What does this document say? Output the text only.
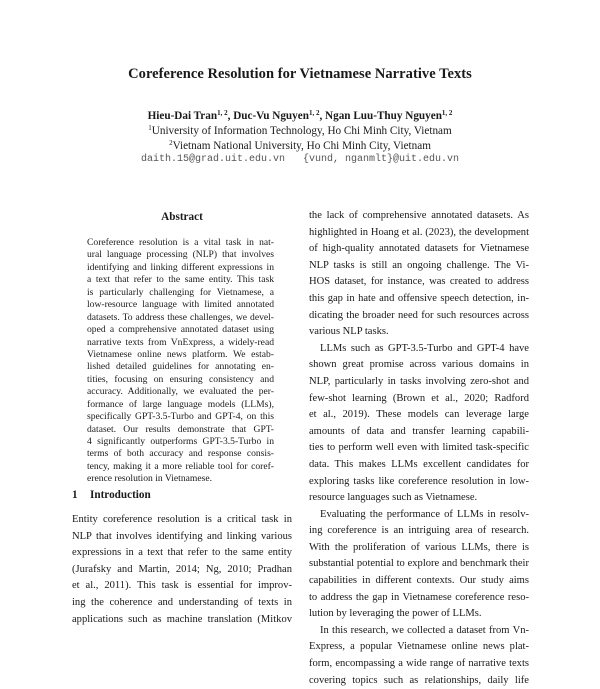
Coreference Resolution for Vietnamese Narrative Texts
Hieu-Dai Tran$^{1, 2}$, Duc-Vu Nguyen$^{1, 2}$, Ngan Luu-Thuy Nguyen$^{1, 2}$
$^1$University of Information Technology, Ho Chi Minh City, Vietnam
$^2$Vietnam National University, Ho Chi Minh City, Vietnam
daith.15@grad.uit.edu.vn {vund, nganmlt}@uit.edu.vn
Abstract
Coreference resolution is a vital task in nat-
ural language processing (NLP) that involves
identifying and linking different expressions in
a text that refer to the same entity. This task
is particularly challenging for Vietnamese, a
low-resource language with limited annotated
datasets. To address these challenges, we devel-
oped a comprehensive annotated dataset using
narrative texts from VnExpress, a widely-read
Vietnamese online news platform. We estab-
lished detailed guidelines for annotating en-
tities, focusing on ensuring consistency and
accuracy. Additionally, we evaluated the per-
formance of large language models (LLMs),
specifically GPT-3.5-Turbo and GPT-4, on this
dataset. Our results demonstrate that GPT-
4 significantly outperforms GPT-3.5-Turbo in
terms of both accuracy and response consis-
tency, making it a more reliable tool for coref-
erence resolution in Vietnamese.
1 Introduction
Entity coreference resolution is a critical task in
NLP that involves identifying and linking various
expressions in a text that refer to the same entity
(Jurafsky and Martin, 2014; Ng, 2010; Pradhan
et al., 2011). This task is essential for improv-
ing the coherence and understanding of texts in
applications such as machine translation (Mitkov
the lack of comprehensive annotated datasets. As
highlighted in Hoang et al. (2023), the development
of high-quality annotated datasets for Vietnamese
NLP tasks is still an ongoing challenge. The Vi-
HOS dataset, for instance, was created to address
this gap in hate and offensive speech detection, in-
dicating the broader need for such resources across
various NLP tasks.
LLMs such as GPT-3.5-Turbo and GPT-4 have
shown great promise across various domains in
NLP, particularly in tasks involving zero-shot and
few-shot learning (Brown et al., 2020; Radford
et al., 2019). These models can leverage large
amounts of data and transfer learning capabili-
ties to perform well even with limited task-specific
data. This makes LLMs excellent candidates for
exploring tasks like coreference resolution in low-
resource languages such as Vietnamese.
Evaluating the performance of LLMs in resolv-
ing coreference is an intriguing area of research.
With the proliferation of various LLMs, there is
substantial potential to explore and benchmark their
capabilities in different contexts. Our study aims
to address the gap in Vietnamese coreference reso-
lution by leveraging the power of LLMs.
In this research, we collected a dataset from Vn-
Express, a popular Vietnamese online news plat-
form, encompassing a wide range of narrative texts
covering topics such as relationships, daily life
